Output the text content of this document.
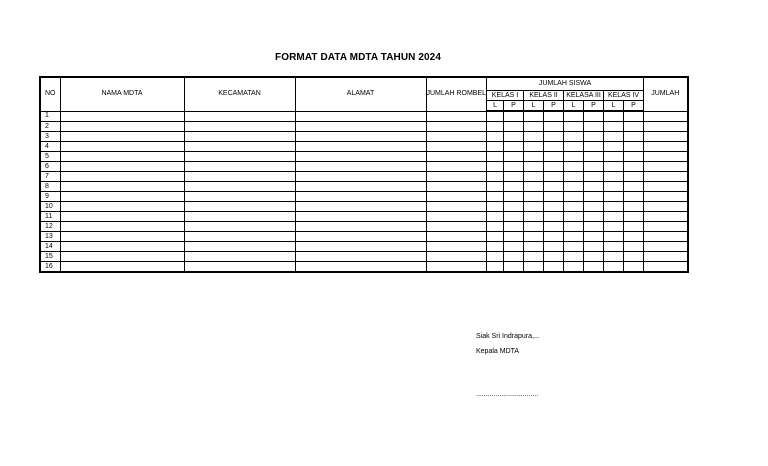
FORMAT DATA MDTA TAHUN 2024
NO	NAMA MDTA	KECAMATAN	ALAMAT	JUMLAH ROMBEL	JUMLAH SISWA								JUMLAH
					KELAS I		KELAS II		KELASA III		KELAS IV		
					L	P	L	P	L	P	L	P	
1													
2													
3													
4													
5													
6													
7													
8													
9													
10													
11													
12													
13													
14													
15													
16													
Siak Sri Indrapura,...
Kepala MDTA
................................
